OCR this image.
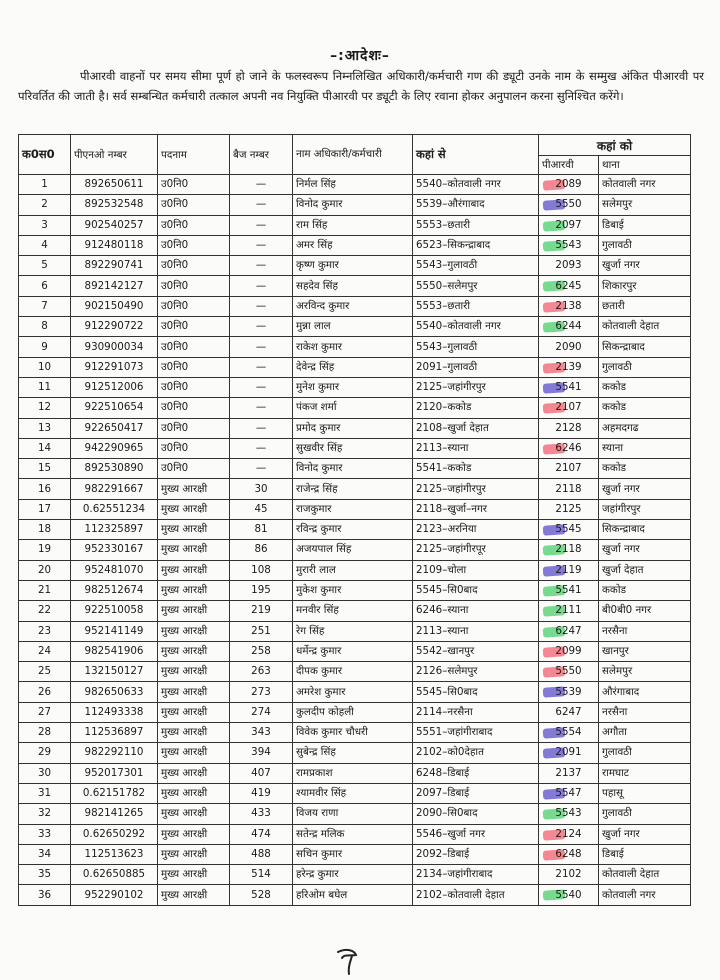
–:आदेशः–
पीआरवी वाहनों पर समय सीमा पूर्ण हो जाने के फलस्वरूप निम्नलिखित अधिकारी/कर्मचारी गण की ड्यूटी उनके नाम के सम्मुख अंकित पीआरवी पर परिवर्तित की जाती है। सर्व सम्बन्धित कर्मचारी तत्काल अपनी नव नियुक्ति पीआरवी पर ड्यूटी के लिए रवाना होकर अनुपालन करना सुनिश्चित करेंगे।
क0स0	पीएनओ नम्बर	पदनाम	बैज नम्बर	नाम अधिकारी/कर्मचारी	कहां से	कहां को	
						पीआरवी	थाना
1	892650611	उ0नि0	—	निर्मल सिंह	5540–कोतवाली नगर	2089	कोतवाली नगर
2	892532548	उ0नि0	—	विनोद कुमार	5539–औरंगाबाद	5550	सलेमपुर
3	902540257	उ0नि0	—	राम सिंह	5553–छतारी	2097	डिबाई
4	912480118	उ0नि0	—	अमर सिंह	6523–सिकन्द्राबाद	5543	गुलावठी
5	892290741	उ0नि0	—	कृष्ण कुमार	5543–गुलावठी	2093	खुर्जा नगर
6	892142127	उ0नि0	—	सहदेव सिंह	5550–सलेमपुर	6245	शिकारपुर
7	902150490	उ0नि0	—	अरविन्द कुमार	5553–छतारी	2138	छतारी
8	912290722	उ0नि0	—	मुन्ना लाल	5540–कोतवाली नगर	6244	कोतवाली देहात
9	930900034	उ0नि0	—	राकेश कुमार	5543–गुलावठी	2090	सिकन्द्राबाद
10	912291073	उ0नि0	—	देवेन्द्र सिंह	2091–गुलावठी	2139	गुलावठी
11	912512006	उ0नि0	—	मुनेश कुमार	2125–जहांगीरपुर	5541	ककोड
12	922510654	उ0नि0	—	पंकज शर्मा	2120–ककोड	2107	ककोड
13	922650417	उ0नि0	—	प्रमोद कुमार	2108–खुर्जा देहात	2128	अहमदगढ
14	942290965	उ0नि0	—	सुखवीर सिंह	2113–स्याना	6246	स्याना
15	892530890	उ0नि0	—	विनोद कुमार	5541–ककोड	2107	ककोड
16	982291667	मुख्य आरक्षी	30	राजेन्द्र सिंह	2125–जहांगीरपुर	2118	खुर्जा नगर
17	0.62551234	मुख्य आरक्षी	45	राजकुमार	2118–खुर्जा–नगर	2125	जहांगीरपुर
18	112325897	मुख्य आरक्षी	81	रविन्द्र कुमार	2123–अरनिया	5545	सिकन्द्राबाद
19	952330167	मुख्य आरक्षी	86	अजयपाल सिंह	2125–जहांगीरपूर	2118	खुर्जा नगर
20	952481070	मुख्य आरक्षी	108	मुरारी लाल	2109–चोला	2119	खुर्जा देहात
21	982512674	मुख्य आरक्षी	195	मुकेश कुमार	5545–सि0बाद	5541	ककोड
22	922510058	मुख्य आरक्षी	219	मनवीर सिंह	6246–स्याना	2111	बी0बी0 नगर
23	952141149	मुख्य आरक्षी	251	रेग सिंह	2113–स्याना	6247	नरसैना
24	982541906	मुख्य आरक्षी	258	धर्मेन्द्र कुमार	5542–खानपुर	2099	खानपुर
25	132150127	मुख्य आरक्षी	263	दीपक कुमार	2126–सलेमपुर	5550	सलेमपुर
26	982650633	मुख्य आरक्षी	273	अमरेश कुमार	5545–सि0बाद	5539	औरंगाबाद
27	112493338	मुख्य आरक्षी	274	कुलदीप कोहली	2114–नरसैना	6247	नरसैना
28	112536897	मुख्य आरक्षी	343	विवेक कुमार चौधरी	5551–जहांगीराबाद	5554	अगौता
29	982292110	मुख्य आरक्षी	394	सुबेन्द्र सिंह	2102–को0देहात	2091	गुलावठी
30	952017301	मुख्य आरक्षी	407	रामप्रकाश	6248–डिबाई	2137	रामघाट
31	0.62151782	मुख्य आरक्षी	419	श्यामवीर सिंह	2097–डिबाई	5547	पहासू
32	982141265	मुख्य आरक्षी	433	विजय राणा	2090–सि0बाद	5543	गुलावठी
33	0.62650292	मुख्य आरक्षी	474	सतेन्द्र मलिक	5546–खुर्जा नगर	2124	खुर्जा नगर
34	112513623	मुख्य आरक्षी	488	सचिन कुमार	2092–डिबाई	6248	डिबाई
35	0.62650885	मुख्य आरक्षी	514	हरेन्द्र कुमार	2134–जहांगीराबाद	2102	कोतवाली देहात
36	952290102	मुख्य आरक्षी	528	हरिओम बघेल	2102–कोतवाली देहात	5540	कोतवाली नगर
